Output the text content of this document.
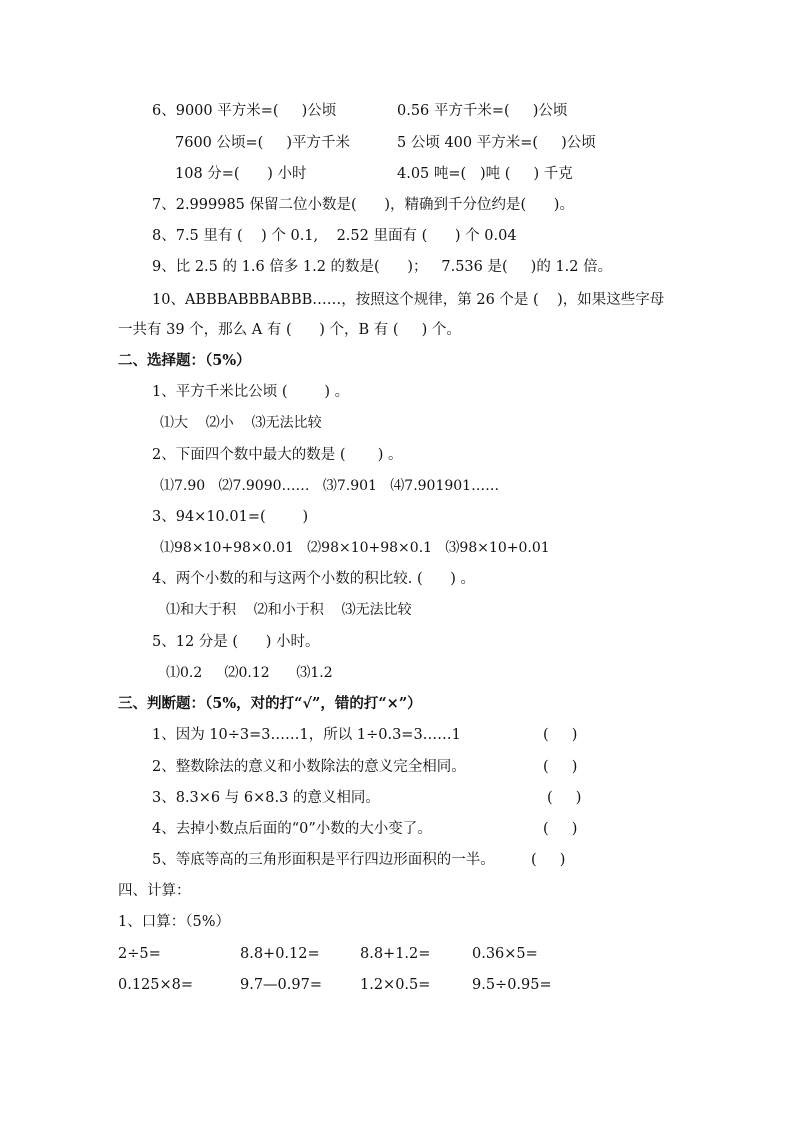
6、9000 平方米=(     )公顷	0.56 平方千米=(     )公顷
7600 公顷=(     )平方千米	5 公顷 400 平方米=(     )公顷
108 分=(      ) 小时	4.05 吨=(   )吨 (     ) 千克
7、2.999985 保留二位小数是(      )，精确到千分位约是(      )。
8、7.5 里有 (    ) 个 0.1,    2.52 里面有 (      ) 个 0.04
9、比 2.5 的 1.6 倍多 1.2 的数是(      )；   7.536 是(     )的 1.2 倍。
10、ABBBABBBABBB……，按照这个规律，第 26 个是 (    )，如果这些字母
一共有 39 个，那么 A 有 (      ) 个，B 有 (     ) 个。
二、选择题：（5%）
1、平方千米比公顷 (        ) 。
⑴大    ⑵小    ⑶无法比较
2、下面四个数中最大的数是 (       ) 。
⑴7.90   ⑵7.9090……   ⑶7.901   ⑷7.901901……
3、94×10.01=(        )
⑴98×10+98×0.01   ⑵98×10+98×0.1   ⑶98×10+0.01
4、两个小数的和与这两个小数的积比较. (      ) 。
⑴和大于积    ⑵和小于积    ⑶无法比较
5、12 分是 (      ) 小时。
⑴0.2     ⑵0.12      ⑶1.2
三、判断题：（5%，对的打“√”，错的打“×”）
1、因为 10÷3=3……1，所以 1÷0.3=3……1	(     )
2、整数除法的意义和小数除法的意义完全相同。	(     )
3、8.3×6 与 6×8.3 的意义相同。	(     )
4、去掉小数点后面的“0”小数的大小变了。	(     )
5、等底等高的三角形面积是平行四边形面积的一半。	(     )
四、计算：
1、口算：（5%）
2÷5=	8.8+0.12=	8.8+1.2=	0.36×5=
0.125×8=	9.7—0.97=	1.2×0.5=	9.5÷0.95=
